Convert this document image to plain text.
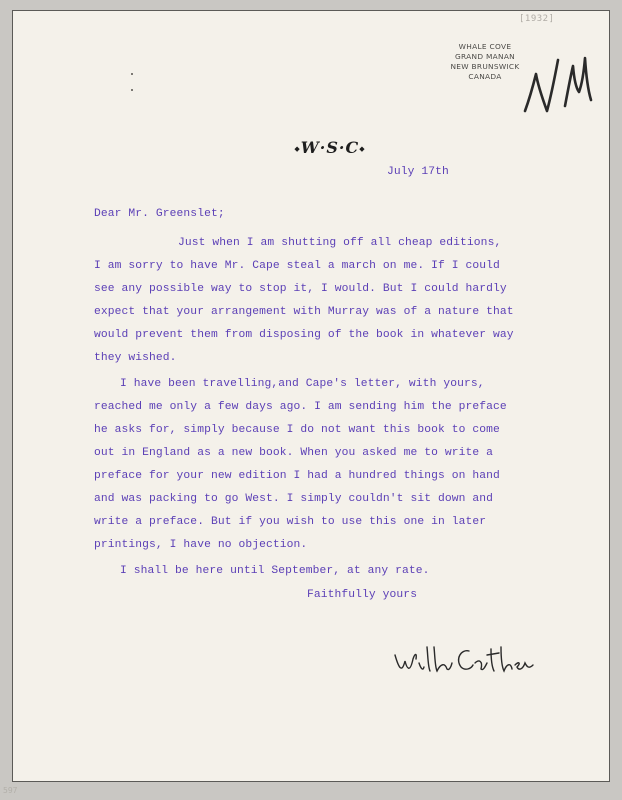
[1932]
WHALE COVE
GRAND MANAN
NEW BRUNSWICK
CANADA
◆W·S·C◆
July 17th
Dear Mr. Greenslet;
Just when I am shutting off all cheap editions,
I am sorry to have Mr. Cape steal a march on me. If I could
see any possible way to stop it, I would. But I could hardly
expect that your arrangement with Murray was of a nature that
would prevent them from disposing of the book in whatever way
they wished.
I have been travelling,and Cape's letter, with yours,
reached me only a few days ago. I am sending him the preface
he asks for, simply because I do not want this book to come
out in England as a new book. When you asked me to write a
preface for your new edition I had a hundred things on hand
and was packing to go West. I simply couldn't sit down and
write a preface. But if you wish to use this one in later
printings, I have no objection.
I shall be here until September, at any rate.
Faithfully yours
597
